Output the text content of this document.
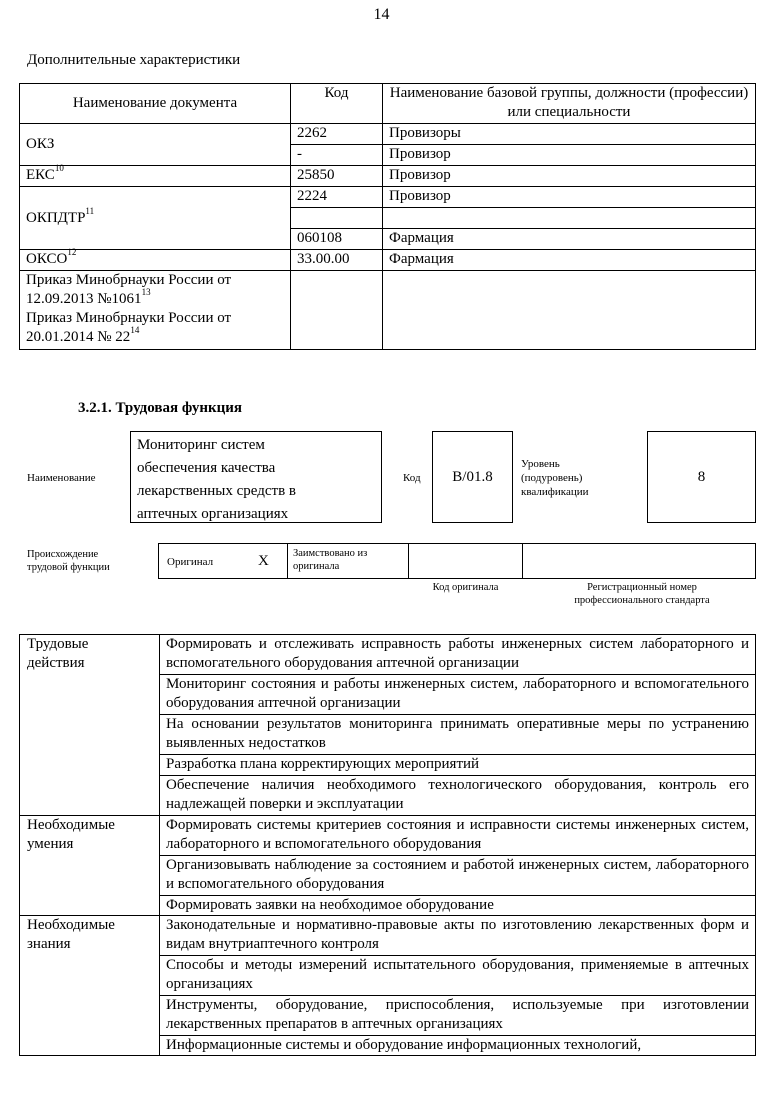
14
Дополнительные характеристики
Наименование документа	Код	Наименование базовой группы, должности (профессии) или специальности
ОКЗ	2262	Провизоры
	-	Провизор
ЕКС$^{10}$	25850	Провизор
ОКПДТР$^{11}$	2224	Провизор

	060108	Фармация
ОКСО$^{12}$	33.00.00	Фармация

Приказ Минобрнауки России от
12.09.2013 №1061$^{13}$
Приказ Минобрнауки России от
20.01.2014 № $22^{14}$

3.2.1. Трудовая функция
Наименование
Мониторинг систем
обеспечения качества
лекарственных средств в
аптечных организациях
Код B/01.8
Уровень
(подуровень)
квалификации
8
Происхождение
трудовой функции	Оригинал	X Заимствовано из
оригинала
Код оригинала	Регистрационный номер
профессионального стандарта
Трудовые
действия	Формировать и отслеживать исправность работы инженерных систем лабораторного и вспомогательного оборудования аптечной организации
	Мониторинг состояния и работы инженерных систем, лабораторного и вспомогательного оборудования аптечной организации
	На основании результатов мониторинга принимать оперативные меры по устранению выявленных недостатков
	Разработка плана корректирующих мероприятий
	Обеспечение наличия необходимого технологического оборудования, контроль его надлежащей поверки и эксплуатации

Необходимые
умения	Формировать системы критериев состояния и исправности системы инженерных систем, лабораторного и вспомогательного оборудования
	Организовывать наблюдение за состоянием и работой инженерных систем, лабораторного и вспомогательного оборудования
	Формировать заявки на необходимое оборудование

Необходимые
знания	Законодательные и нормативно-правовые акты по изготовлению лекарственных форм и видам внутриаптечного контроля
	Способы и методы измерений испытательного оборудования, применяемые в аптечных организациях
	Инструменты, оборудование, приспособления, используемые при изготовлении лекарственных препаратов в аптечных организациях
	Информационные системы и оборудование информационных технологий,
